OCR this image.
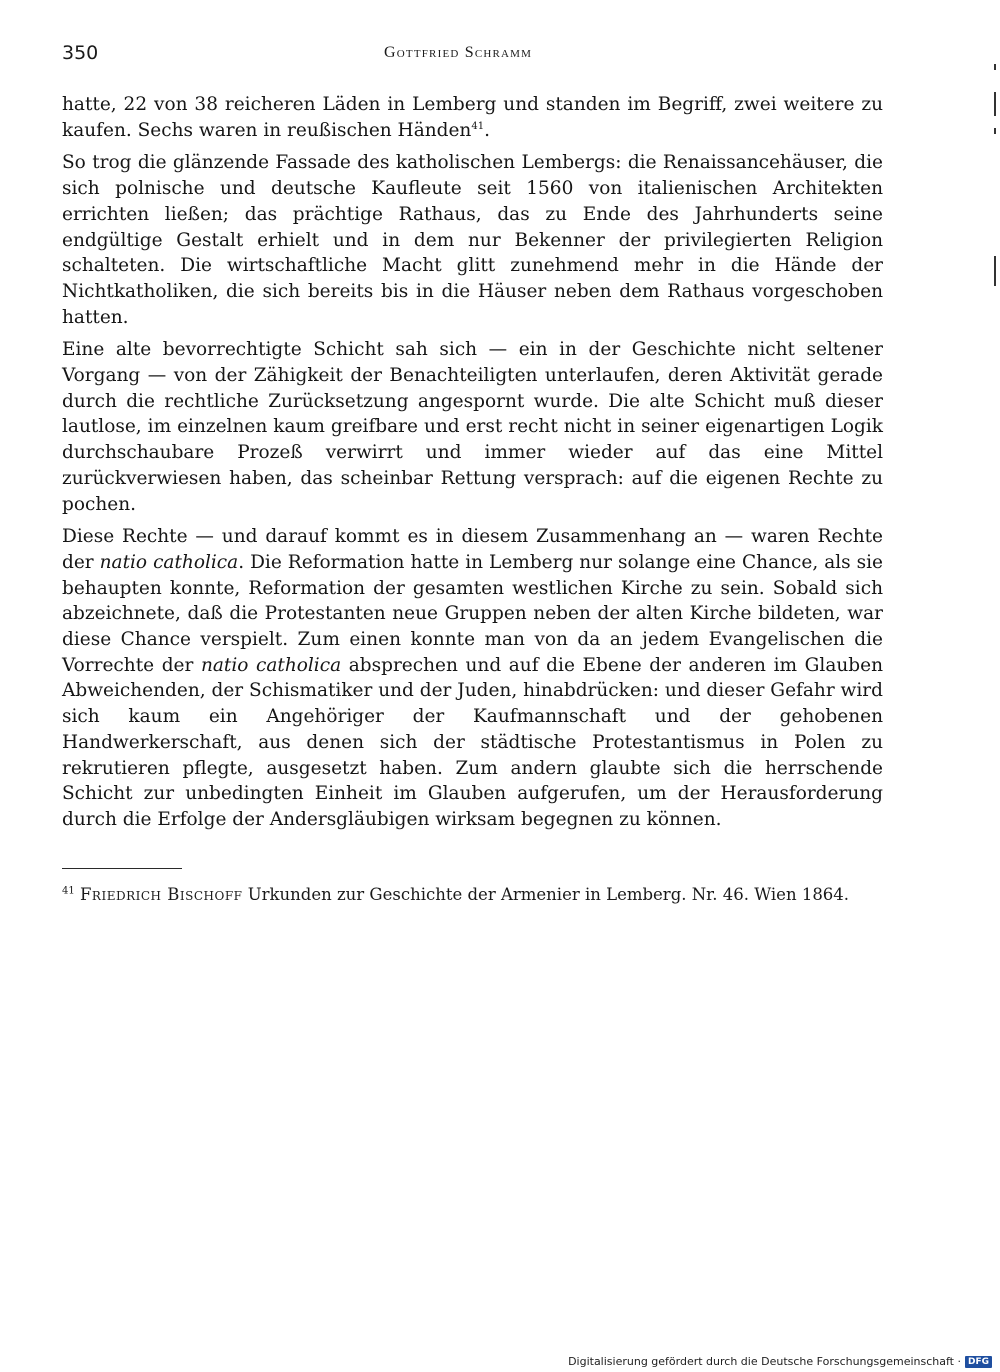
350	Gottfried Schramm

hatte, 22 von 38 reicheren Läden in Lemberg und standen im Begriff, zwei weitere zu kaufen. Sechs waren in reußischen Händen$^{41}$.

So trog die glänzende Fassade des katholischen Lembergs: die Renaissancehäuser, die sich polnische und deutsche Kaufleute seit 1560 von italienischen Architekten errichten ließen; das prächtige Rathaus, das zu Ende des Jahrhunderts seine endgültige Gestalt erhielt und in dem nur Bekenner der privilegierten Religion schalteten. Die wirtschaftliche Macht glitt zunehmend mehr in die Hände der Nichtkatholiken, die sich bereits bis in die Häuser neben dem Rathaus vorgeschoben hatten.

Eine alte bevorrechtigte Schicht sah sich — ein in der Geschichte nicht seltener Vorgang — von der Zähigkeit der Benachteiligten unterlaufen, deren Aktivität gerade durch die rechtliche Zurücksetzung angespornt wurde. Die alte Schicht muß dieser lautlose, im einzelnen kaum greifbare und erst recht nicht in seiner eigenartigen Logik durchschaubare Prozeß verwirrt und immer wieder auf das eine Mittel zurückverwiesen haben, das scheinbar Rettung versprach: auf die eigenen Rechte zu pochen.

Diese Rechte — und darauf kommt es in diesem Zusammenhang an — waren Rechte der natio catholica. Die Reformation hatte in Lemberg nur solange eine Chance, als sie behaupten konnte, Reformation der gesamten westlichen Kirche zu sein. Sobald sich abzeichnete, daß die Protestanten neue Gruppen neben der alten Kirche bildeten, war diese Chance verspielt. Zum einen konnte man von da an jedem Evangelischen die Vorrechte der natio catholica absprechen und auf die Ebene der anderen im Glauben Abweichenden, der Schismatiker und der Juden, hinabdrücken: und dieser Gefahr wird sich kaum ein Angehöriger der Kaufmannschaft und der gehobenen Handwerkerschaft, aus denen sich der städtische Protestantismus in Polen zu rekrutieren pflegte, ausgesetzt haben. Zum andern glaubte sich die herrschende Schicht zur unbedingten Einheit im Glauben aufgerufen, um der Herausforderung durch die Erfolge der Andersgläubigen wirksam begegnen zu können.

$^{41}$ Friedrich Bischoff Urkunden zur Geschichte der Armenier in Lemberg. Nr. 46. Wien 1864.
Digitalisierung gefördert durch die Deutsche Forschungsgemeinschaft · DFG
